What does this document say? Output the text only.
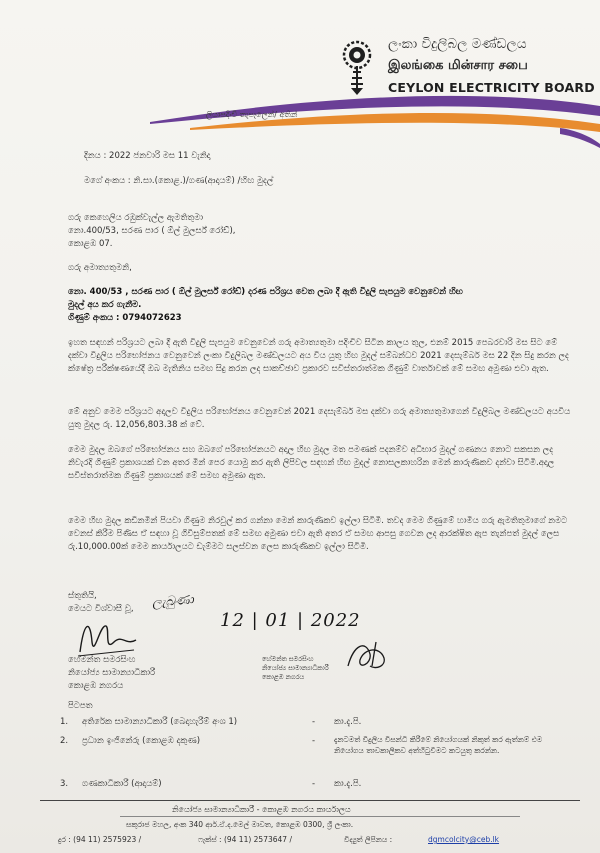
ලංකා විදුලිබල මණ්ඩලය
இலங்கை மின்சார சபை
CEYLON ELECTRICITY BOARD
ලියාපදිංචි තැපෑලෙන්/ අතින්
දිනය : 2022 ජනවාරි මස 11 වැනිදා
මගේ අංකය : නි.සා.(කොළ.)/ගණ(ආදායම්) /හිඟ මුදල්
ගරු කෙහෙලිය රඹුක්වැල්ල ඇමතිතුමා
නො.400/53, සරණ පාර ( ඕල් මුලර්ස් රෝඩ්),
කොළඹ 07.
ගරු අමාත්‍යතුමනි,
නො. 400/53 , සරණ පාර ( ඕල් මුලර්ස් රෝඩ්) දරණ පරිශ්‍රය වෙත ලබා දී ඇති විදුලි සැපයුම වෙනුවෙන් හිඟ
මුදල් අය කර ගැනීම.
ගිණුම් අංකය : 0794072623
ඉහත සඳහන් පරිශ්‍රයට ලබා දී ඇති විදුලි සැපයුම වෙනුවෙන් ගරු අමාත්‍යතුමා පදිංචිව සිටින කාලය තුල, එනම් 2015 පෙබරවාරි මස සිට මේ දක්වා විදුලිය පරිභෝජනය වෙනුවෙන් ලංකා විදුලිබල මණ්ඩලයට අය විය යුතු හිඟ මුදල් සම්බන්ධව 2021 දෙසැම්බර් මස 22 දින සිදු කරන ලද ක්ෂේත්‍ර පරීක්ෂණයේදී ඔබ මැතිනිය සමඟ සිදු කරන ලද සාකච්ඡාව ප්‍රකාරව සවිස්තරාත්මක ගිණුම් වාර්තාවක් මේ සමඟ අමුණා එවා ඇත.
මේ අනුව මෙම පරිශ්‍රයට අදාලව විදුලිය පරිභෝජනය වෙනුවෙන් 2021 දෙසැම්බර් මස දක්වා ගරු අමාත්‍යතුමාගෙන් විදුලිබල මණ්ඩලයට අයවිය යුතු මුදල රු. 12,056,803.38 ක් වේ.
මෙම මුදල ඔබගේ පරිභෝජනය සහ ඔබගේ පරිභෝජනයට අදාල හිඟ මුදල මත පමණක් පදනම්ව අධිභාර මුදල් ගණනය නොට සකසන ලද නිවැරදි ගිණුම් ප්‍රකාශයක් වන අතර මින් පෙර යොමු කර ඇති ලිපිවල සඳහන් හිඟ මුදල් නොසලකාහරින මෙන් කාරුණිකව දන්වා සිටිමි.අදාල සවිස්තරාත්මක ගිණුම් ප්‍රකාශයක් මේ සමඟ අමුණා ඇත.
මෙම හිඟ මුදල කඩිනමින් පියවා ගිණුම නිරවුල් කර ගන්නා මෙන් කාරුණිකව ඉල්ලා සිටිමි. තවද මෙම ගිණුමේ හාමිය ගරු ඇමතිතුමාගේ නමට වෙනස් කිරීම පිණිස ඒ සඳහා වූ ගිවිසුම්පතක් මේ සමඟ අමුණා එවා ඇති අතර ඒ සමඟ ආපසු ගෙවන ලද ආරක්ෂිත ඇප තැන්පත් මුදල් ලෙස රු.10,000.00ක් මෙම කාර්යාලයට ඩැම්මට සලස්වන ලෙස කාරුණිකව ඉල්ලා සිටිමි.
ස්තුතියි,
මෙයට විශ්වාසී වූ, ලැබුණා
12 | 01 | 2022
හේමන්ත සමරසිංහ
නියෝජ්‍ය සාමාන්‍යාධිකාරී
කොළඹ නගරය
හේමන්ත සමරසිංහ
නියෝජ්‍ය සාමාන්‍යාධිකාරී
කොළඹ නගරය
පිටපත
1. අතිරේක සාමාන්‍යාධිකාරී (බෙදාහැරීම් අංශ 1)	- කා.දැ.පි.
2. ප්‍රධාන ඉංජිනේරු (කොළඹ දකුණ)	-	දැනටමත් විදුලිය විසන්ධි කිරීමේ නියෝගයක් නිකුත් කර ඇත්නම් එම නියෝගය තාවකාලිකව අත්හිටුවීමට කටයුතු කරන්න.
3. ගණකාධිකාරී (ආදායම්)	- කා.දැ.පි.
නියෝජ්‍ය සාමාන්‍යාධිකාරී - කොළඹ නගරය කාර්යාලය
සකුරාජ මහල, අංක 340 ආර්.ඒ.ද.මෙල් මාවත, කොළඹ 0300, ශ්‍රී ලංකා.
දුර : (94 11) 2575923 /	ෆැක්ස් : (94 11) 2573647 /	විද්‍යුත් ලිපිනය :	dgmcolcity@ceb.lk
